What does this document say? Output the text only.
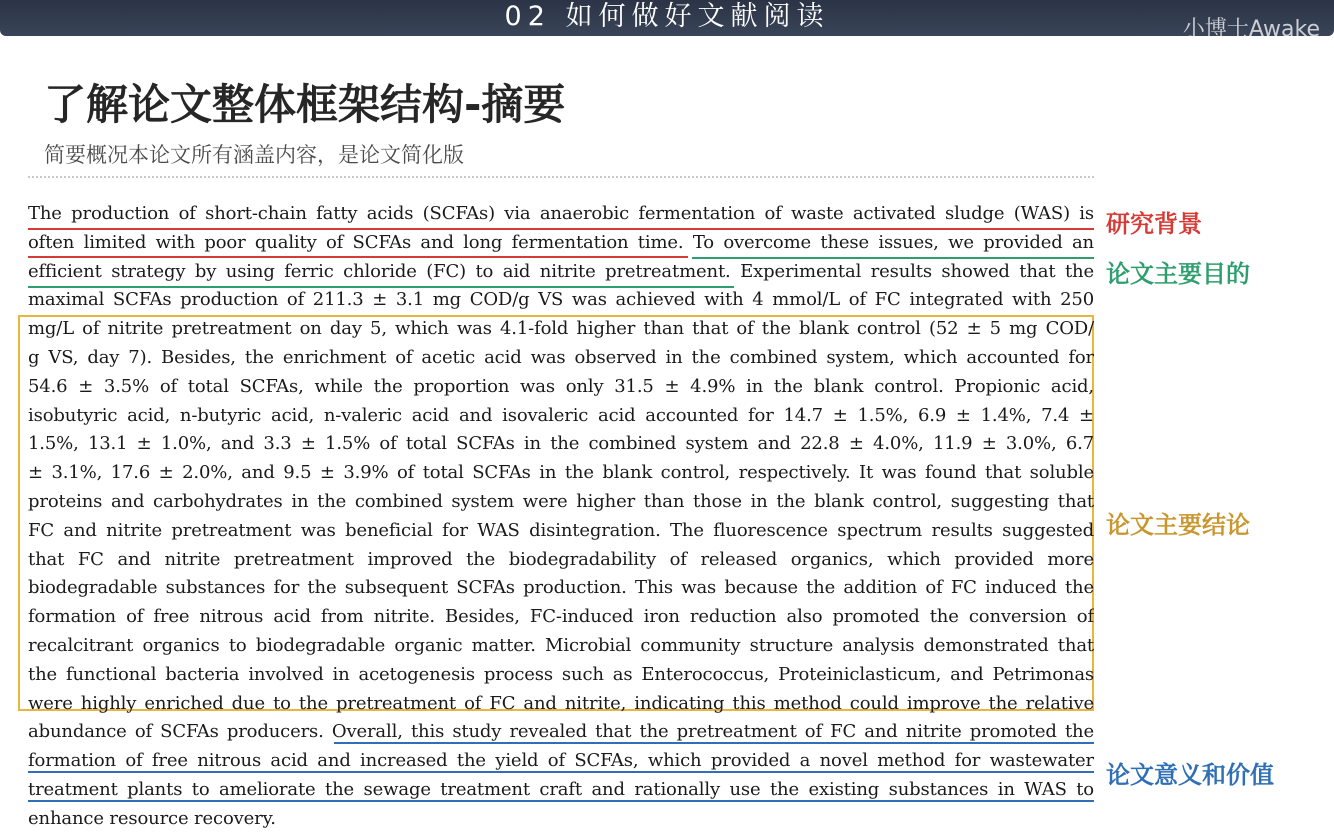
02 如何做好文献阅读	小博士Awake
了解论文整体框架结构-摘要
简要概况本论文所有涵盖内容，是论文简化版
The production of short-chain fatty acids (SCFAs) via anaerobic fermentation of waste activated sludge (WAS) is
often limited with poor quality of SCFAs and long fermentation time. To overcome these issues, we provided an
efficient strategy by using ferric chloride (FC) to aid nitrite pretreatment. Experimental results showed that the
maximal SCFAs production of 211.3 ± 3.1 mg COD/g VS was achieved with 4 mmol/L of FC integrated with 250
mg/L of nitrite pretreatment on day 5, which was 4.1-fold higher than that of the blank control (52 ± 5 mg COD/
g VS, day 7). Besides, the enrichment of acetic acid was observed in the combined system, which accounted for
54.6 ± 3.5% of total SCFAs, while the proportion was only 31.5 ± 4.9% in the blank control. Propionic acid,
isobutyric acid, n-butyric acid, n-valeric acid and isovaleric acid accounted for 14.7 ± 1.5%, 6.9 ± 1.4%, 7.4 ±
1.5%, 13.1 ± 1.0%, and 3.3 ± 1.5% of total SCFAs in the combined system and 22.8 ± 4.0%, 11.9 ± 3.0%, 6.7
± 3.1%, 17.6 ± 2.0%, and 9.5 ± 3.9% of total SCFAs in the blank control, respectively. It was found that soluble
proteins and carbohydrates in the combined system were higher than those in the blank control, suggesting that
FC and nitrite pretreatment was beneficial for WAS disintegration. The fluorescence spectrum results suggested
that FC and nitrite pretreatment improved the biodegradability of released organics, which provided more
biodegradable substances for the subsequent SCFAs production. This was because the addition of FC induced the
formation of free nitrous acid from nitrite. Besides, FC-induced iron reduction also promoted the conversion of
recalcitrant organics to biodegradable organic matter. Microbial community structure analysis demonstrated that
the functional bacteria involved in acetogenesis process such as Enterococcus, Proteiniclasticum, and Petrimonas
were highly enriched due to the pretreatment of FC and nitrite, indicating this method could improve the relative
abundance of SCFAs producers. Overall, this study revealed that the pretreatment of FC and nitrite promoted the
formation of free nitrous acid and increased the yield of SCFAs, which provided a novel method for wastewater
treatment plants to ameliorate the sewage treatment craft and rationally use the existing substances in WAS to
enhance resource recovery.
研究背景
论文主要目的
论文主要结论
论文意义和价值
